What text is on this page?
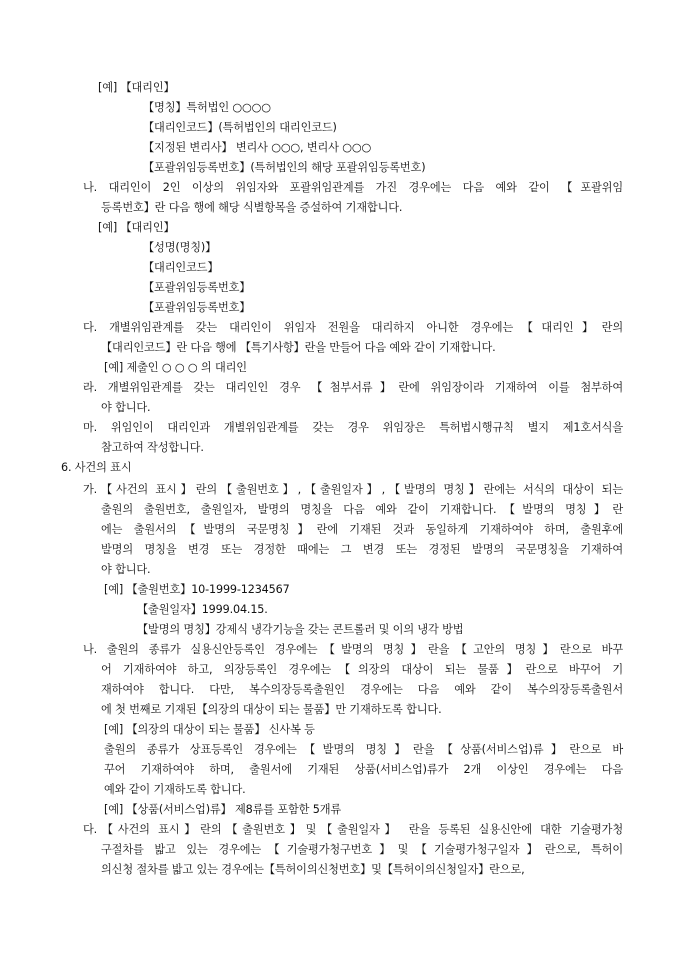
[예] 【대리인】
【명칭】특허법인 ○○○○
【대리인코드】(특허법인의 대리인코드)
【지정된 변리사】 변리사 ○○○, 변리사 ○○○
【포괄위임등록번호】(특허법인의 해당 포괄위임등록번호)
나. 대리인이 2인 이상의 위임자와 포괄위임관계를 가진 경우에는 다음 예와 같이 【포괄위임
등록번호】란 다음 행에 해당 식별항목을 증설하여 기재합니다.
[예] 【대리인】
【성명(명칭)】
【대리인코드】
【포괄위임등록번호】
【포괄위임등록번호】
다. 개별위임관계를 갖는 대리인이 위임자 전원을 대리하지 아니한 경우에는【대리인】란의
【대리인코드】란 다음 행에 【특기사항】란을 만들어 다음 예와 같이 기재합니다.
[예] 제출인 ○ ○ ○ 의 대리인
라. 개별위임관계를 갖는 대리인인 경우 【첨부서류】란에 위임장이라 기재하여 이를 첨부하여
야 합니다.
마. 위임인이 대리인과 개별위임관계를 갖는 경우 위임장은 특허법시행규칙 별지 제1호서식을
참고하여 작성합니다.
6. 사건의 표시
가.【사건의 표시】란의【출원번호】,【출원일자】,【발명의 명칭】란에는 서식의 대상이 되는
출원의 출원번호, 출원일자, 발명의 명칭을 다음 예와 같이 기재합니다.【발명의 명칭】란
에는 출원서의【발명의 국문명칭】란에 기재된 것과 동일하게 기재하여야 하며, 출원후에
발명의 명칭을 변경 또는 경정한 때에는 그 변경 또는 경정된 발명의 국문명칭을 기재하여
야 합니다.
[예] 【출원번호】10-1999-1234567
【출원일자】1999.04.15.
【발명의 명칭】강제식 냉각기능을 갖는 콘트롤러 및 이의 냉각 방법
나. 출원의 종류가 실용신안등록인 경우에는【발명의 명칭】란을【고안의 명칭】란으로 바꾸
어 기재하여야 하고, 의장등록인 경우에는【의장의 대상이 되는 물품】란으로 바꾸어 기
재하여야 합니다. 다만, 복수의장등록출원인 경우에는 다음 예와 같이 복수의장등록출원서
에 첫 번째로 기재된【의장의 대상이 되는 물품】만 기재하도록 합니다.
[예] 【의장의 대상이 되는 물품】 신사복 등
출원의 종류가 상표등록인 경우에는【발명의 명칭】란을【상품(서비스업)류】란으로 바
꾸어 기재하여야 하며, 출원서에 기재된 상품(서비스업)류가 2개 이상인 경우에는 다음
예와 같이 기재하도록 합니다.
[예] 【상품(서비스업)류】 제8류를 포함한 5개류
다.【사건의 표시】란의【출원번호】및【출원일자】 란을 등록된 실용신안에 대한 기술평가청
구절차를 밟고 있는 경우에는【기술평가청구번호】및【기술평가청구일자】란으로, 특허이
의신청 절차를 밟고 있는 경우에는【특허이의신청번호】및【특허이의신청일자】란으로,
